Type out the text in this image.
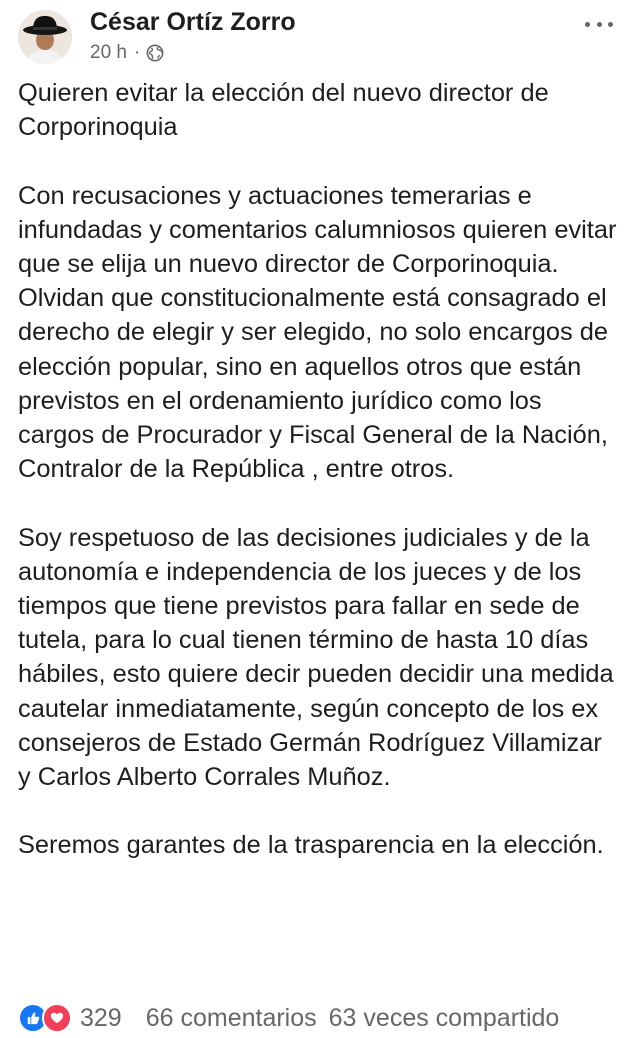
César Ortíz Zorro
20 h ·

Quieren evitar la elección del nuevo director de Corporinoquia

Con recusaciones y actuaciones temerarias e infundadas y comentarios calumniosos quieren evitar que se elija un nuevo director de Corporinoquia. Olvidan que constitucionalmente está consagrado el derecho de elegir y ser elegido, no solo encargos de elección popular, sino en aquellos otros que están previstos en el ordenamiento jurídico como los cargos de Procurador y Fiscal General de la Nación, Contralor de la República , entre otros.

Soy respetuoso de las decisiones judiciales y de la autonomía e independencia de los jueces y de los tiempos que tiene previstos para fallar en sede de tutela, para lo cual tienen término de hasta 10 días hábiles, esto quiere decir pueden decidir una medida cautelar inmediatamente, según concepto de los ex consejeros de Estado Germán Rodríguez Villamizar y Carlos Alberto Corrales Muñoz.

Seremos garantes de la trasparencia en la elección.

329 66 comentarios 63 veces compartido
